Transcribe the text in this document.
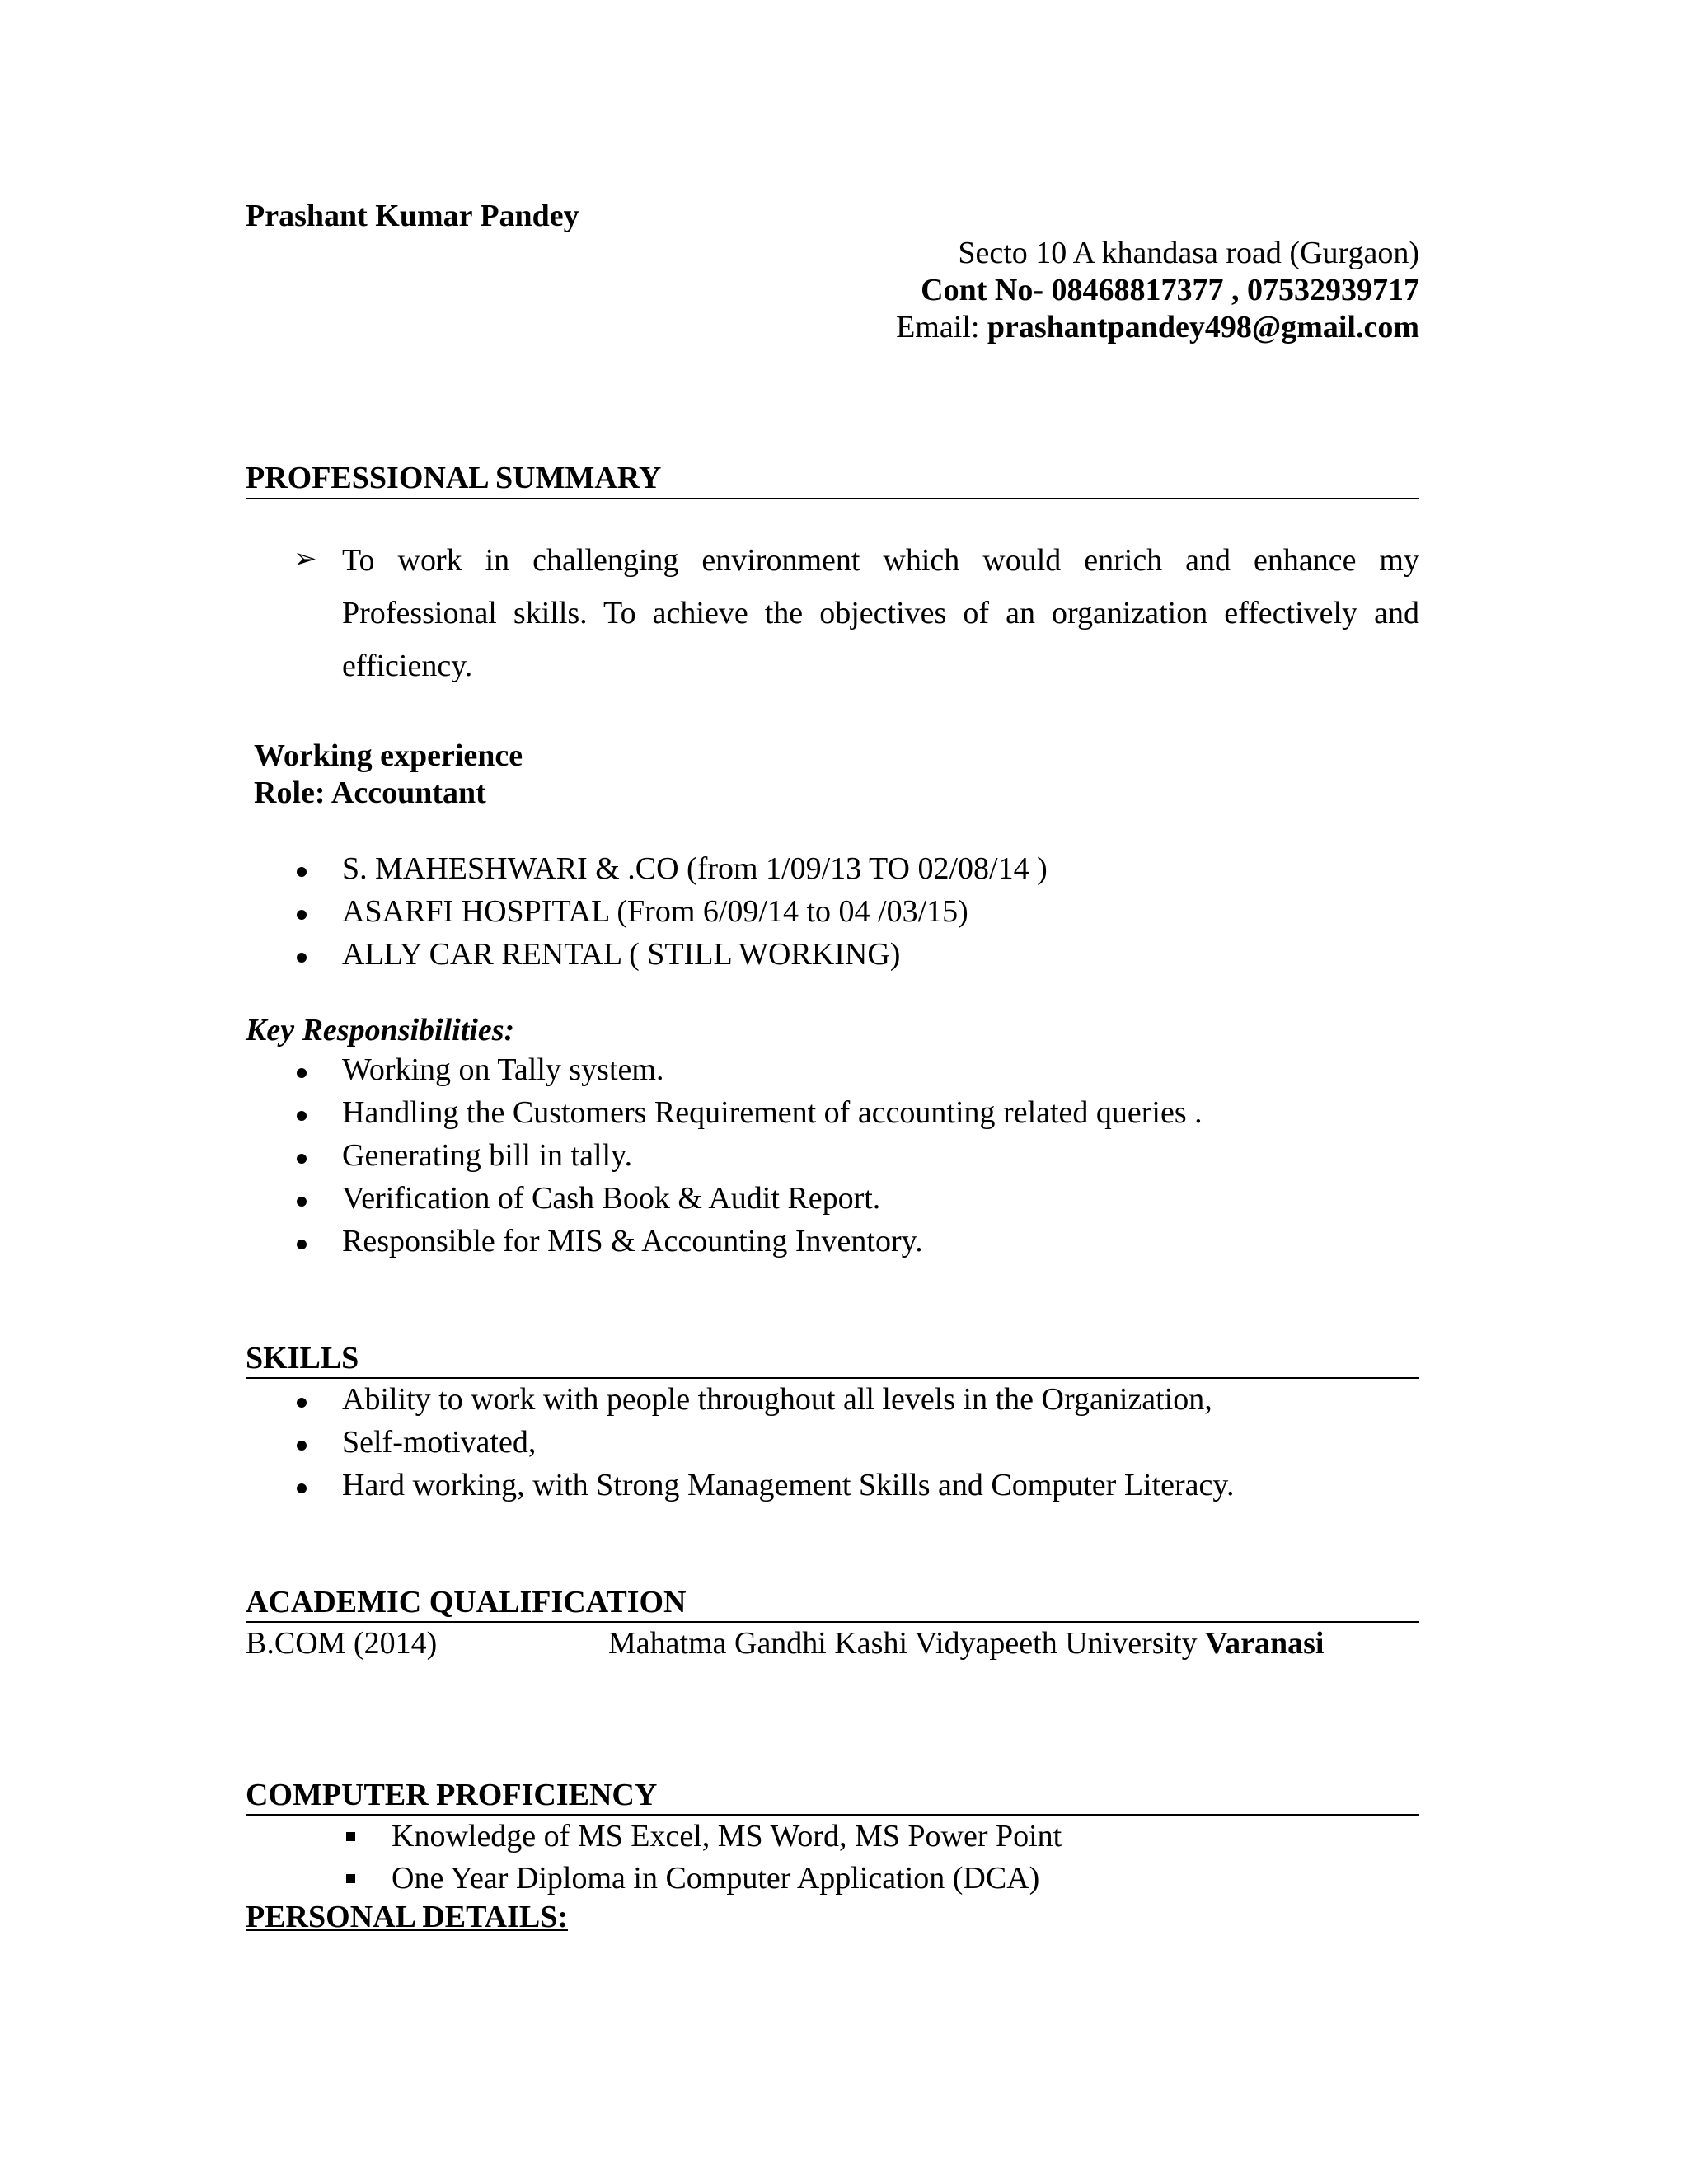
Prashant Kumar Pandey
Secto 10 A khandasa road (Gurgaon)
Cont No- 08468817377 , 07532939717
Email: prashantpandey498@gmail.com
PROFESSIONAL SUMMARY
➢ To work in challenging environment which would enrich and enhance my
Professional skills. To achieve the objectives of an organization effectively and
efficiency.
Working experience
Role: Accountant
S. MAHESHWARI & .CO (from 1/09/13 TO 02/08/14 )
ASARFI HOSPITAL (From 6/09/14 to 04 /03/15)
ALLY CAR RENTAL ( STILL WORKING)
Key Responsibilities:
Working on Tally system.
Handling the Customers Requirement of accounting related queries .
Generating bill in tally.
Verification of Cash Book & Audit Report.
Responsible for MIS & Accounting Inventory.
SKILLS
Ability to work with people throughout all levels in the Organization,
Self-motivated,
Hard working, with Strong Management Skills and Computer Literacy.
ACADEMIC QUALIFICATION
B.COM (2014)	Mahatma Gandhi Kashi Vidyapeeth University Varanasi
COMPUTER PROFICIENCY
Knowledge of MS Excel, MS Word, MS Power Point
One Year Diploma in Computer Application (DCA)
PERSONAL DETAILS:
